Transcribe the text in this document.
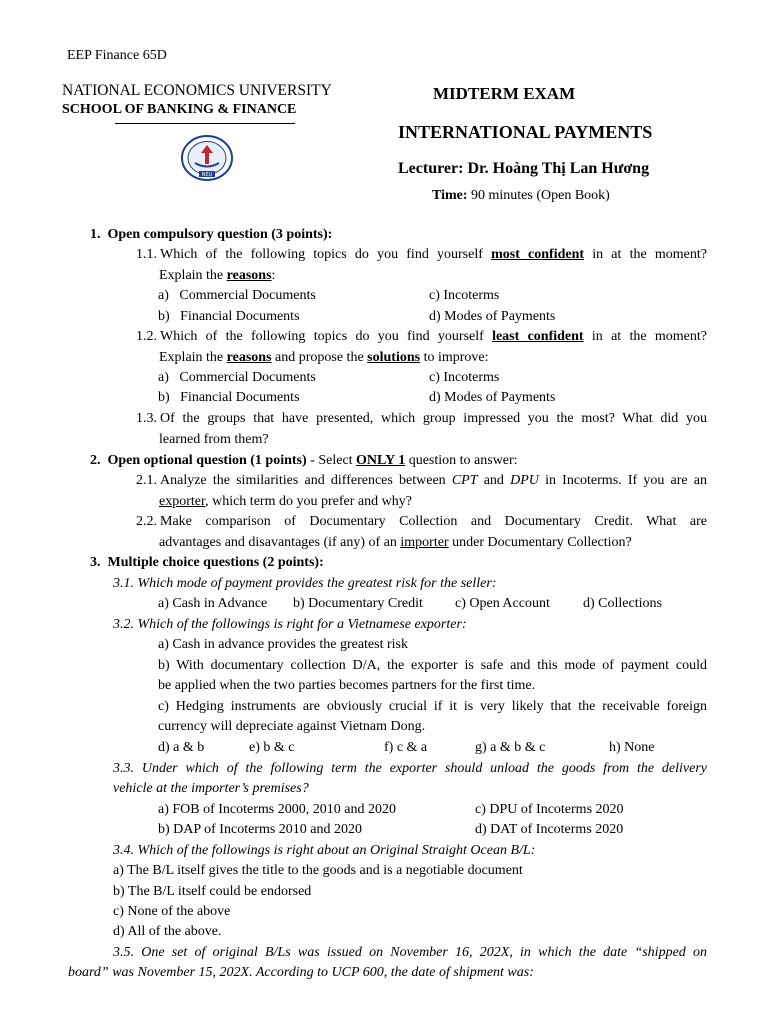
EEP Finance 65D
NATIONAL ECONOMICS UNIVERSITY
SCHOOL OF BANKING & FINANCE
NEU
MIDTERM EXAM
INTERNATIONAL PAYMENTS
Lecturer: Dr. Hoàng Thị Lan Hương
Time: 90 minutes (Open Book)
1. Open compulsory question (3 points):
1.1. Which of the following topics do you find yourself most confident in at the moment?
Explain the reasons:
a)   Commercial Documents	c) Incoterms
b)   Financial Documents	d) Modes of Payments
1.2. Which of the following topics do you find yourself least confident in at the moment?
Explain the reasons and propose the solutions to improve:
a)   Commercial Documents	c) Incoterms
b)   Financial Documents	d) Modes of Payments
1.3. Of the groups that have presented, which group impressed you the most? What did you
learned from them?
2. Open optional question (1 points) - Select ONLY 1 question to answer:
2.1. Analyze the similarities and differences between CPT and DPU in Incoterms. If you are an
exporter, which term do you prefer and why?
2.2. Make comparison of Documentary Collection and Documentary Credit. What are
advantages and disavantages (if any) of an importer under Documentary Collection?
3. Multiple choice questions (2 points):
3.1. Which mode of payment provides the greatest risk for the seller:
a) Cash in Advance b) Documentary Credit c) Open Account d) Collections
3.2. Which of the followings is right for a Vietnamese exporter:
a) Cash in advance provides the greatest risk
b) With documentary collection D/A, the exporter is safe and this mode of payment could
be applied when the two parties becomes partners for the first time.
c) Hedging instruments are obviously crucial if it is very likely that the receivable foreign
currency will depreciate against Vietnam Dong.
d) a & b	e) b & c	f) c & a	g) a & b & c	h) None
3.3. Under which of the following term the exporter should unload the goods from the delivery
vehicle at the importer’s premises?
a) FOB of Incoterms 2000, 2010 and 2020	c) DPU of Incoterms 2020
b) DAP of Incoterms 2010 and 2020	d) DAT of Incoterms 2020
3.4. Which of the followings is right about an Original Straight Ocean B/L:
a) The B/L itself gives the title to the goods and is a negotiable document
b) The B/L itself could be endorsed
c) None of the above
d) All of the above.
3.5. One set of original B/Ls was issued on November 16, 202X, in which the date “shipped on
board” was November 15, 202X. According to UCP 600, the date of shipment was:
